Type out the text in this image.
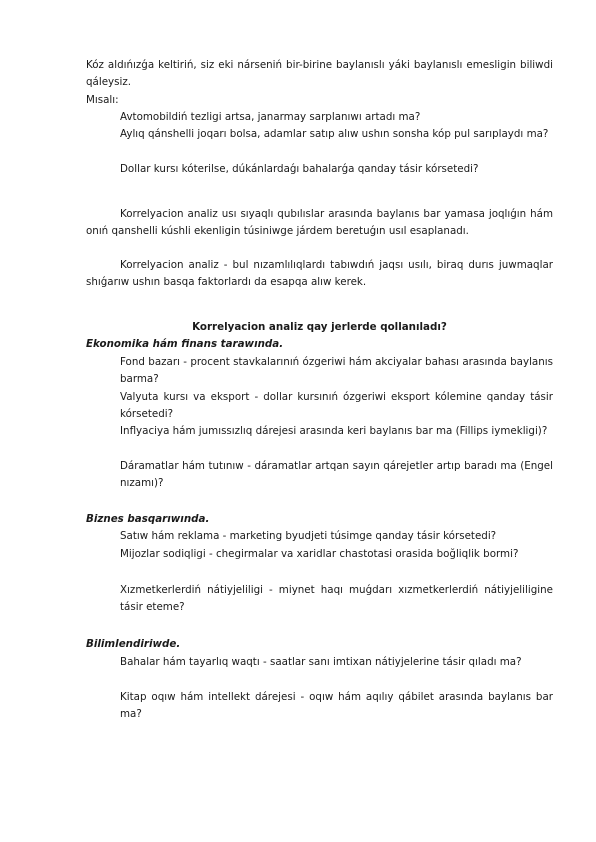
Kóz aldıńızǵa keltiriń, siz eki nárseniń bir-birine baylanıslı yáki baylanıslı emesligin biliwdi qáleysiz.

Mısalı:

Avtomobildiń tezligi artsa, janarmay sarplanıwı artadı ma?

Aylıq qánshelli joqarı bolsa, adamlar satıp alıw ushın sonsha kóp pul sarıplaydı ma?

Dollar kursı kóterilse, dúkánlardaǵı bahalarǵa qanday tásir kórsetedi?

Korrelyacion analiz usı sıyaqlı qubılıslar arasında baylanıs bar yamasa joqlıǵın hám onıń qanshelli kúshli ekenligin túsiniwge járdem beretuǵın usıl esaplanadı.

Korrelyacion analiz - bul nızamlılıqlardı tabıwdıń jaqsı usılı, biraq durıs juwmaqlar shıǵarıw ushın basqa faktorlardı da esapqa alıw kerek.

Korrelyacion analiz qay jerlerde qollanıladı?

Ekonomika hám finans tarawında.

Fond bazarı - procent stavkalarınıń ózgeriwi hám akciyalar bahası arasında baylanıs barma?

Valyuta kursı va eksport - dollar kursınıń ózgeriwi eksport kólemine qanday tásir kórsetedi?

Inflyaciya hám jumıssızlıq dárejesi arasında keri baylanıs bar ma (Fillips iymekligi)?

Dáramatlar hám tutınıw - dáramatlar artqan sayın qárejetler artıp baradı ma (Engel nızamı)?

Biznes basqarıwında.

Satıw hám reklama - marketing byudjeti túsimge qanday tásir kórsetedi?

Mijozlar sodiqligi - chegirmalar va xaridlar chastotasi orasida boğliqlik bormi?

Xızmetkerlerdiń nátiyjeliligi - miynet haqı muǵdarı xızmetkerlerdiń nátiyjeliligine tásir eteme?

Bilimlendiriwde.

Bahalar hám tayarlıq waqtı - saatlar sanı imtixan nátiyjelerine tásir qıladı ma?

Kitap oqıw hám intellekt dárejesi - oqıw hám aqılıy qábilet arasında baylanıs bar ma?
